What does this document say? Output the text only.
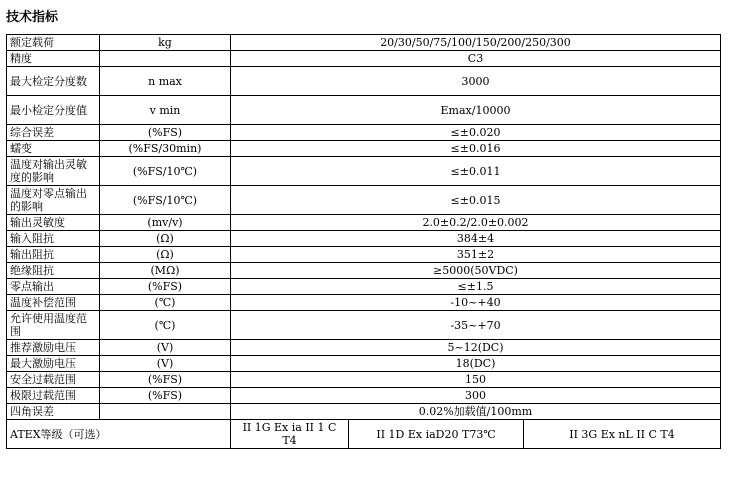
技术指标
额定载荷	kg	20/30/50/75/100/150/200/250/300		
精度		C3		
最大检定分度数	n max	3000		
最小检定分度值	v min	Emax/10000		
综合误差	(%FS)	≤±0.020		
蠕变	(%FS/30min)	≤±0.016		
温度对输出灵敏度的影响	(%FS/10℃)	≤±0.011		
温度对零点输出的影响	(%FS/10℃)	≤±0.015		
输出灵敏度	(mv/v)	2.0±0.2/2.0±0.002		
输入阻抗	(Ω)	384±4		
输出阻抗	(Ω)	351±2		
绝缘阻抗	(MΩ)	≥5000(50VDC)		
零点输出	(%FS)	≤±1.5		
温度补偿范围	(℃)	-10~+40		
允许使用温度范围	(℃)	-35~+70		
推荐激励电压	(V)	5~12(DC)		
最大激励电压	(V)	18(DC)		
安全过载范围	(%FS)	150		
极限过载范围	(%FS)	300		
四角误差		0.02%加载值/100mm		
ATEX等级（可选）		II 1G Ex ia II 1 C T4	II 1D Ex iaD20 T73℃	II 3G Ex nL II C T4
